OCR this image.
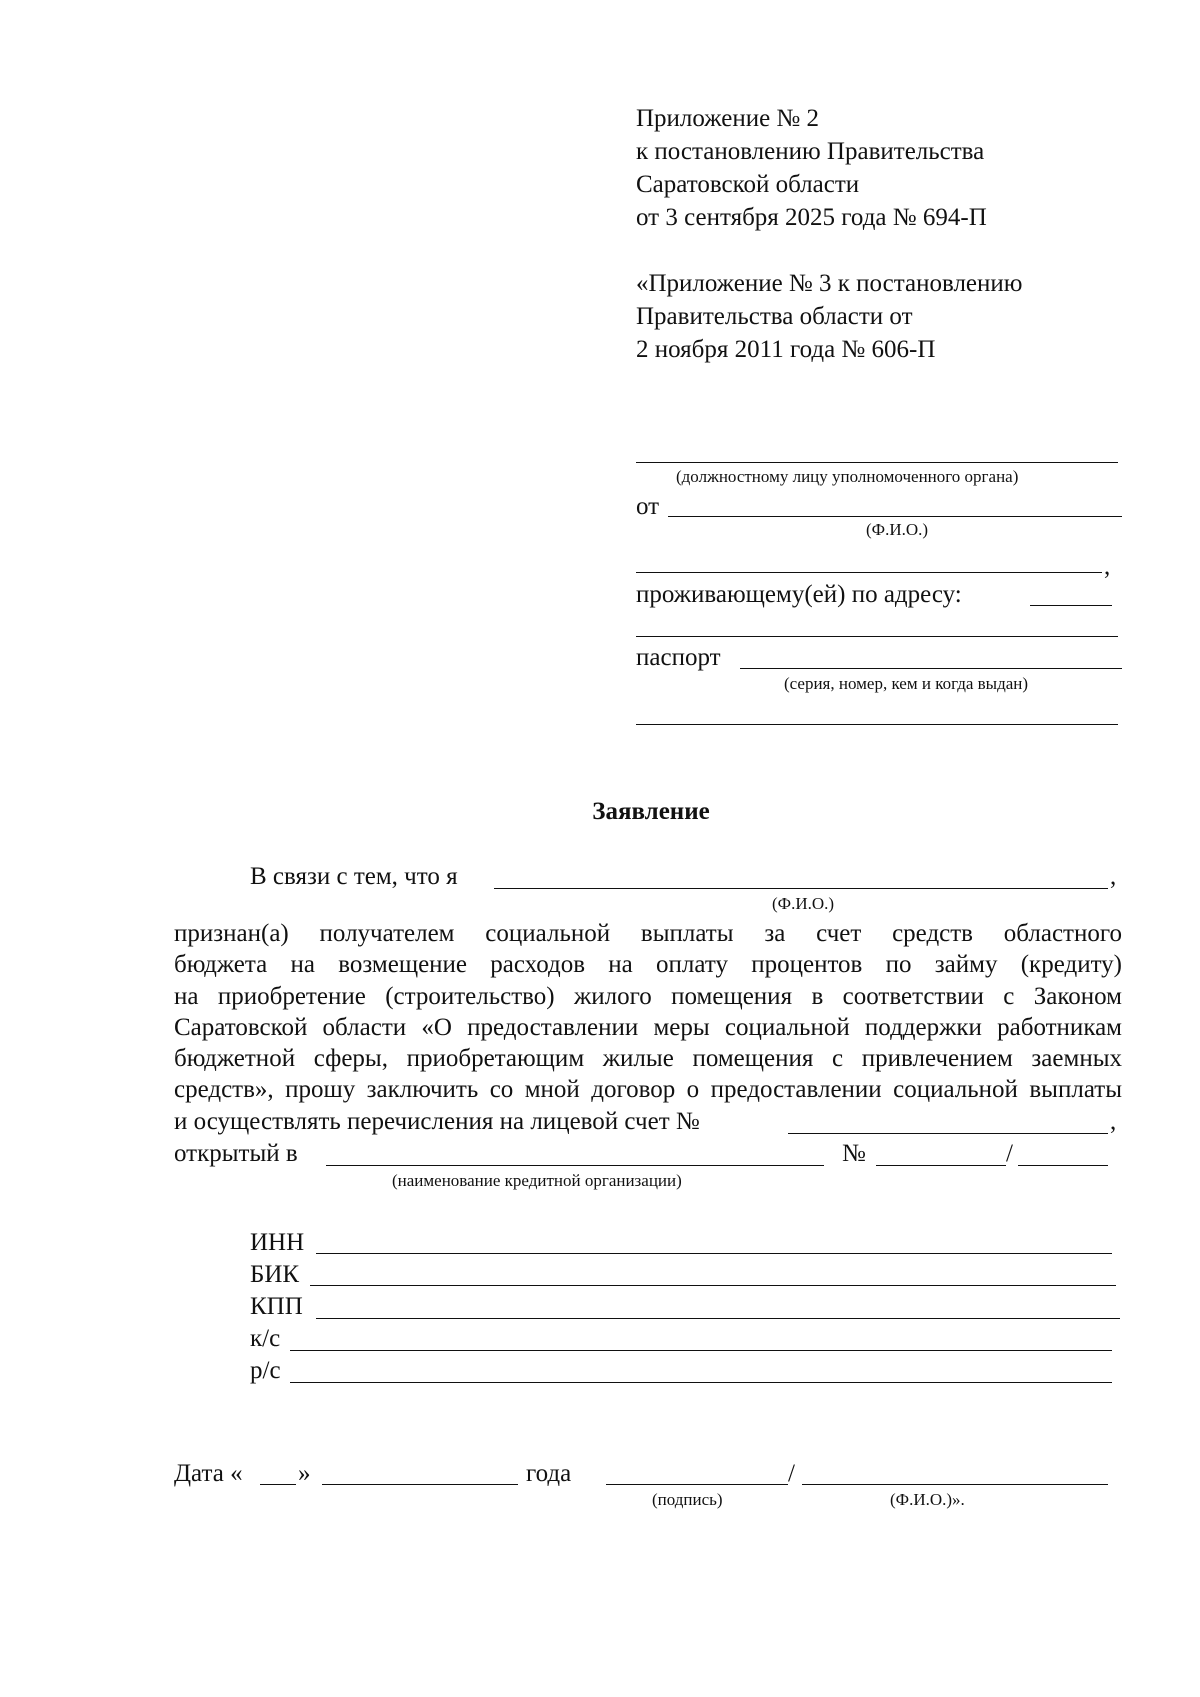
Приложение № 2
к постановлению Правительства
Саратовской области
от 3 сентября 2025 года № 694-П
«Приложение № 3 к постановлению
Правительства области от
2 ноября 2011 года № 606-П
(должностному лицу уполномоченного органа)
от
(Ф.И.О.)
,
проживающему(ей) по адресу:
паспорт
(серия, номер, кем и когда выдан)
Заявление
В связи с тем, что я	,
(Ф.И.О.)
признан(а) получателем социальной выплаты за счет средств областного
бюджета на возмещение расходов на оплату процентов по займу (кредиту)
на приобретение (строительство) жилого помещения в соответствии с Законом
Саратовской области «О предоставлении меры социальной поддержки работникам
бюджетной сферы, приобретающим жилые помещения с привлечением заемных
средств», прошу заключить со мной договор о предоставлении социальной выплаты
и осуществлять перечисления на лицевой счет №	,
открытый в	№	/
(наименование кредитной организации)
ИНН
БИК
КПП
к/с
р/с
Дата « »	года	/
(подпись)	(Ф.И.О.)».
